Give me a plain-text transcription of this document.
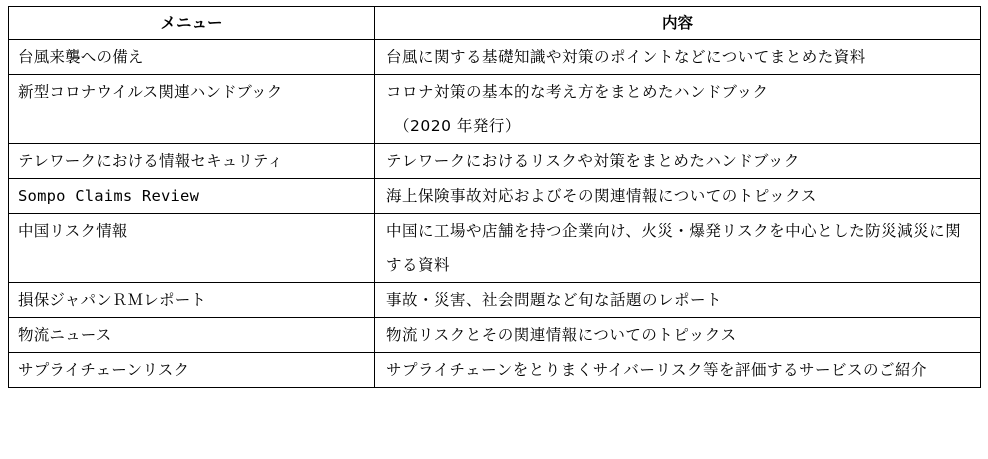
メニュー	内容
台風来襲への備え	台風に関する基礎知識や対策のポイントなどについてまとめた資料
新型コロナウイルス関連ハンドブック	コロナ対策の基本的な考え方をまとめたハンドブック
（2020 年発行）

テレワークにおける情報セキュリティ	テレワークにおけるリスクや対策をまとめたハンドブック
Sompo Claims Review	海上保険事故対応およびその関連情報についてのトピックス
中国リスク情報	中国に工場や店舗を持つ企業向け、火災・爆発リスクを中心とした防災減災に関する資料
損保ジャパンＲＭレポート	事故・災害、社会問題など旬な話題のレポート
物流ニュース	物流リスクとその関連情報についてのトピックス
サプライチェーンリスク	サプライチェーンをとりまくサイバーリスク等を評価するサービスのご紹介
